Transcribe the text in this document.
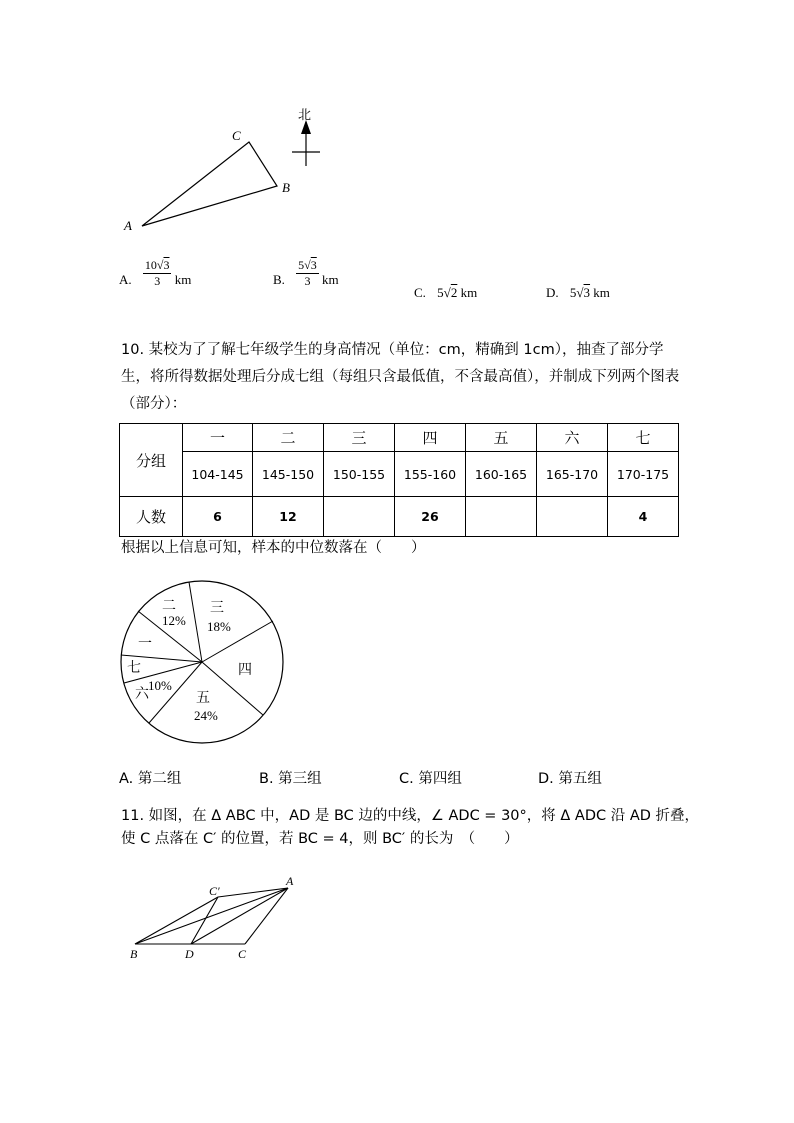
A
C
B
北
A. $\frac{10√3}{3}$ km	B. $\frac{5√3}{3}$ km
C. 5√2 km	D. 5√3 km
10. 某校为了了解七年级学生的身高情况（单位：cm，精确到 1cm），抽查了部分学生，将所得数据处理后分成七组（每组只含最低值，不含最高值），并制成下列两个图表（部分）：
分组	一	二	三	四	五	六	七
	104-145	145-150	150-155	155-160	160-165	165-170	170-175
人数	6	12		26			4
根据以上信息可知，样本的中位数落在（　　）
一
二 三
四
五
六
七
12% 18%
24%
10%
A. 第二组	B. 第三组	C. 第四组	D. 第五组
11. 如图，在 Δ ABC 中，AD 是 BC 边的中线，∠ ADC = 30°，将 Δ ADC 沿 AD 折叠，
使 C 点落在 C′ 的位置，若 BC = 4，则 BC′ 的长为　（　　）
A
C′
B	D	C
